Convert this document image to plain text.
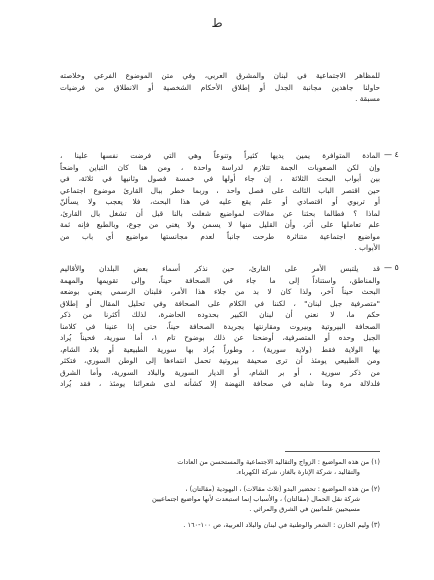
ط
للمظاهر الاجتماعية في لبنان والمشرق العربي، وفي متن الموضوع الفرعي وخلاصته
حاولنا جاهدين مجانبة الجدل أو إطلاق الأحكام الشخصية أو الانطلاق من فرضيات
مسبقة .
٤ —
المادة المتوافرة يمين يديها كثيراً وتنوعاً وهي التي فرضت نفسها علينا ،
وإن لكن الصعوبات الجمة تتلازم لدراسة واحدة ، ومن هنا كان التباين واضحاً
بين أبواب البحث الثلاثة ، إن جاء أولها في خمسة فصول وثانيها في ثلاثة، في
حين اقتصر الباب الثالث على فصل واحد ، وربما خطر ببال القارئ موضوع اجتماعي
أو تربوي أو اقتصادي أو علم يقع عليه في هذا البحث، فلا يعجب ولا يسألنّ
لماذا ؟ فطالما بحثنا عن مقالات لمواضيع شغلت بالنا قبل أن تشغل بال القارئ،
علم تعاملها على أثر، وأن القليل منها لا يسمن ولا يغني من جوع، وبالطبع فإنه ثمة
مواضيع اجتماعية متناثرة طرحت جانباً لعدم مجانستها مواضيع أي باب من
الأبواب .
٥ —
قد يلتبس الأمر على القارئ، حين نذكر أسماء بعض البلدان والأقاليم
والمناطق، واستناداً إلى ما جاء في الصحافة حيناً، وإلى تقويمها والمهمة
البحث حيناً آخر، ولذا كان لا بد من جلاء هذا الأمر، فلبنان الرسمي يعني بوضعه
"متصرفية جبل لبنان" ، لكننا في الكلام على الصحافة وفي تحليل المقال أو إطلاق
حكم ما، لا نعني أن لبنان الكبير بحدوده الحاضرة، لذلك أكثرنا من ذكر
الصحافة البيروتية وبيروت ومقارنتها بجريدة الصحافة حيناً، حتى إذا عنينا في كلامنا
الجبل وحده أو المتصرفية، أوضحنا عن ذلك بوضوح تام ١، أما سورية، فحيناً يُراد
بها الولاية فقط (ولاية سورية) ، وطوراً يُراد بها سورية الطبيعية أو بلاد الشام،
ومن الطبيعي يومئذ أن ترى صحيفة بيروتية تحمل انتماءها إلى الوطن السوري، فتكثر
من ذكر سورية ، أو بر الشام، أو الديار السورية والبلاد السورية، وأما الشرق
فلدلالة مرة وما شابه في صحافة النهضة إلا كشأنه لدى شعرائنا يومئذ ، فقد يُراد
(١) من هذه المواضيع : الزواج والتقاليد الاجتماعية والمستحسن من العادات
والتقاليد ، شركة الإنارة بالغاز، شركة الكهرباء.
(٢) من هذه المواضيع : تحضير البدو (ثلاث مقالات) ، اليهودية (مقالتان) ،
شركة نقل الحمال (مقالتان) ، والأسباب إنما استبعدت لأنها مواضيع اجتماعيين
مسيحيين علمانيين في الشرق والمراثي .
(٣) وليم الخازن : الشعر والوطنية في لبنان والبلاد العربية، ص ١٠٠-١٦٠ .
